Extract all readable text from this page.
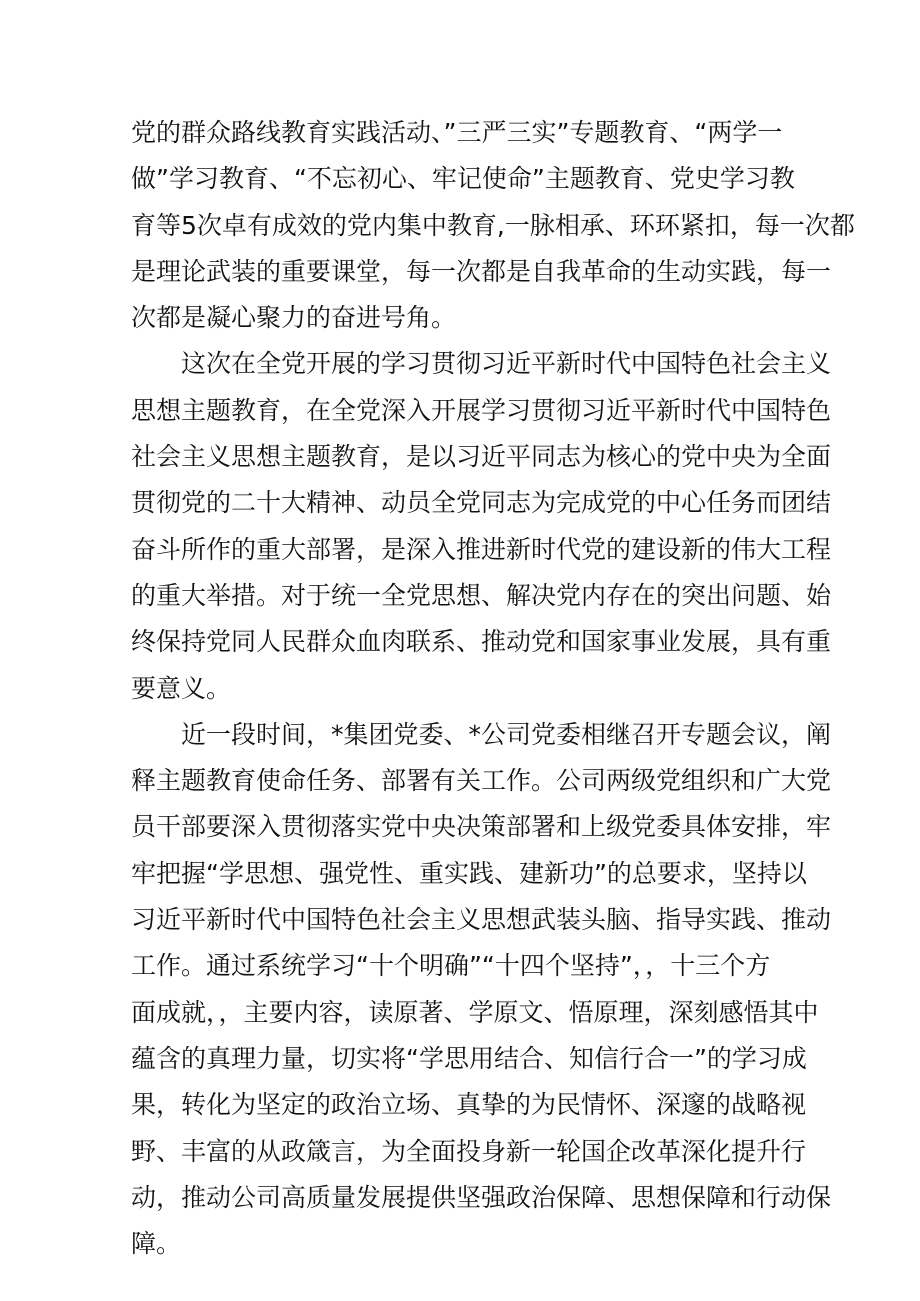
党的群众路线教育实践活动、”三严三实”专题教育、“两学一
做”学习教育、“不忘初心、牢记使命”主题教育、党史学习教
育等5次卓有成效的党内集中教育,一脉相承、环环紧扣，每一次都
是理论武装的重要课堂，每一次都是自我革命的生动实践，每一
次都是凝心聚力的奋进号角。
这次在全党开展的学习贯彻习近平新时代中国特色社会主义
思想主题教育，在全党深入开展学习贯彻习近平新时代中国特色
社会主义思想主题教育，是以习近平同志为核心的党中央为全面
贯彻党的二十大精神、动员全党同志为完成党的中心任务而团结
奋斗所作的重大部署，是深入推进新时代党的建设新的伟大工程
的重大举措。对于统一全党思想、解决党内存在的突出问题、始
终保持党同人民群众血肉联系、推动党和国家事业发展，具有重
要意义。
近一段时间，*集团党委、*公司党委相继召开专题会议，阐
释主题教育使命任务、部署有关工作。公司两级党组织和广大党
员干部要深入贯彻落实党中央决策部署和上级党委具体安排，牢
牢把握“学思想、强党性、重实践、建新功”的总要求，坚持以
习近平新时代中国特色社会主义思想武装头脑、指导实践、推动
工作。通过系统学习“十个明确”“十四个坚持”，，十三个方
面成就，，主要内容，读原著、学原文、悟原理，深刻感悟其中
蕴含的真理力量，切实将“学思用结合、知信行合一”的学习成
果，转化为坚定的政治立场、真挚的为民情怀、深邃的战略视
野、丰富的从政箴言，为全面投身新一轮国企改革深化提升行
动，推动公司高质量发展提供坚强政治保障、思想保障和行动保
障。
